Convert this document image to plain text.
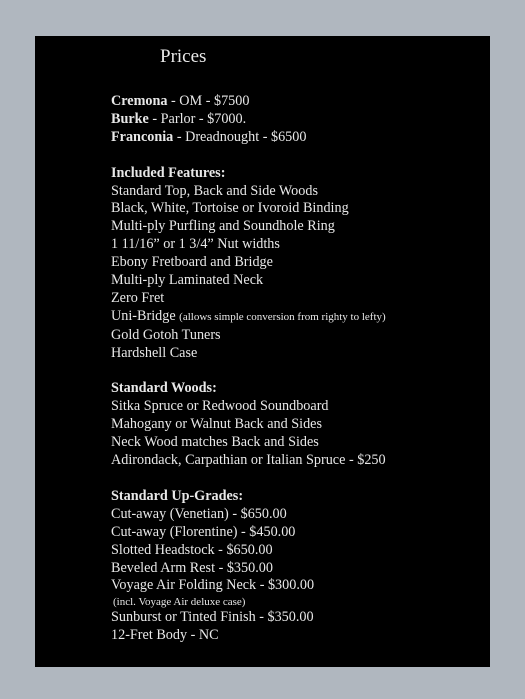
Prices
Cremona - OM - $7500
Burke - Parlor - $7000.
Franconia - Dreadnought - $6500
Included Features:
Standard Top, Back and Side Woods
Black, White, Tortoise or Ivoroid Binding
Multi-ply Purfling and Soundhole Ring
1 11/16” or 1 3/4” Nut widths
Ebony Fretboard and Bridge
Multi-ply Laminated Neck
Zero Fret
Uni-Bridge (allows simple conversion from righty to lefty)
Gold Gotoh Tuners
Hardshell Case
Standard Woods:
Sitka Spruce or Redwood Soundboard
Mahogany or Walnut Back and Sides
Neck Wood matches Back and Sides
Adirondack, Carpathian or Italian Spruce - $250
Standard Up-Grades:
Cut-away (Venetian) - $650.00
Cut-away (Florentine) - $450.00
Slotted Headstock - $650.00
Beveled Arm Rest - $350.00
Voyage Air Folding Neck - $300.00
(incl. Voyage Air deluxe case)
Sunburst or Tinted Finish - $350.00
12-Fret Body - NC
